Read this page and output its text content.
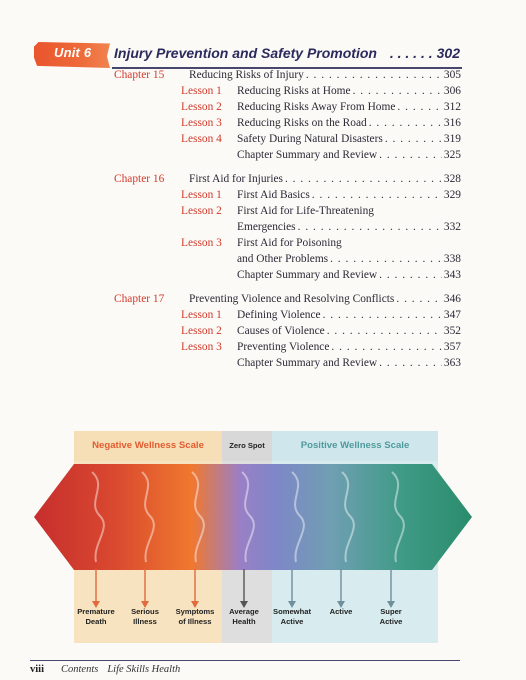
Unit 6 Injury Prevention and Safety Promotion . . . . . . 302
Chapter 15 Reducing Risks of Injury . . .	305
Lesson 1 Reducing Risks at Home . . .	306
Lesson 2 Reducing Risks Away From Home . . .	312
Lesson 3 Reducing Risks on the Road . . .	316
Lesson 4 Safety During Natural Disasters . . .	319
Chapter Summary and Review . . .	325
Chapter 16 First Aid for Injuries . . .	328
Lesson 1 First Aid Basics . . .	329
Lesson 2 First Aid for Life-Threatening
Emergencies . . .	332
Lesson 3 First Aid for Poisoning
and Other Problems . . .	338
Chapter Summary and Review . . .	343
Chapter 17 Preventing Violence and Resolving Conflicts . . .	346
Lesson 1 Defining Violence . . .	347
Lesson 2 Causes of Violence . . .	352
Lesson 3 Preventing Violence . . .	357
Chapter Summary and Review . . .	363
Negative Wellness Scale	Zero Spot	Positive Wellness Scale
Premature
Death
Serious
Illness
Symptoms
of Illness
Average
Health
Somewhat
Active
Active	Super
Active
viii Contents Life Skills Health
